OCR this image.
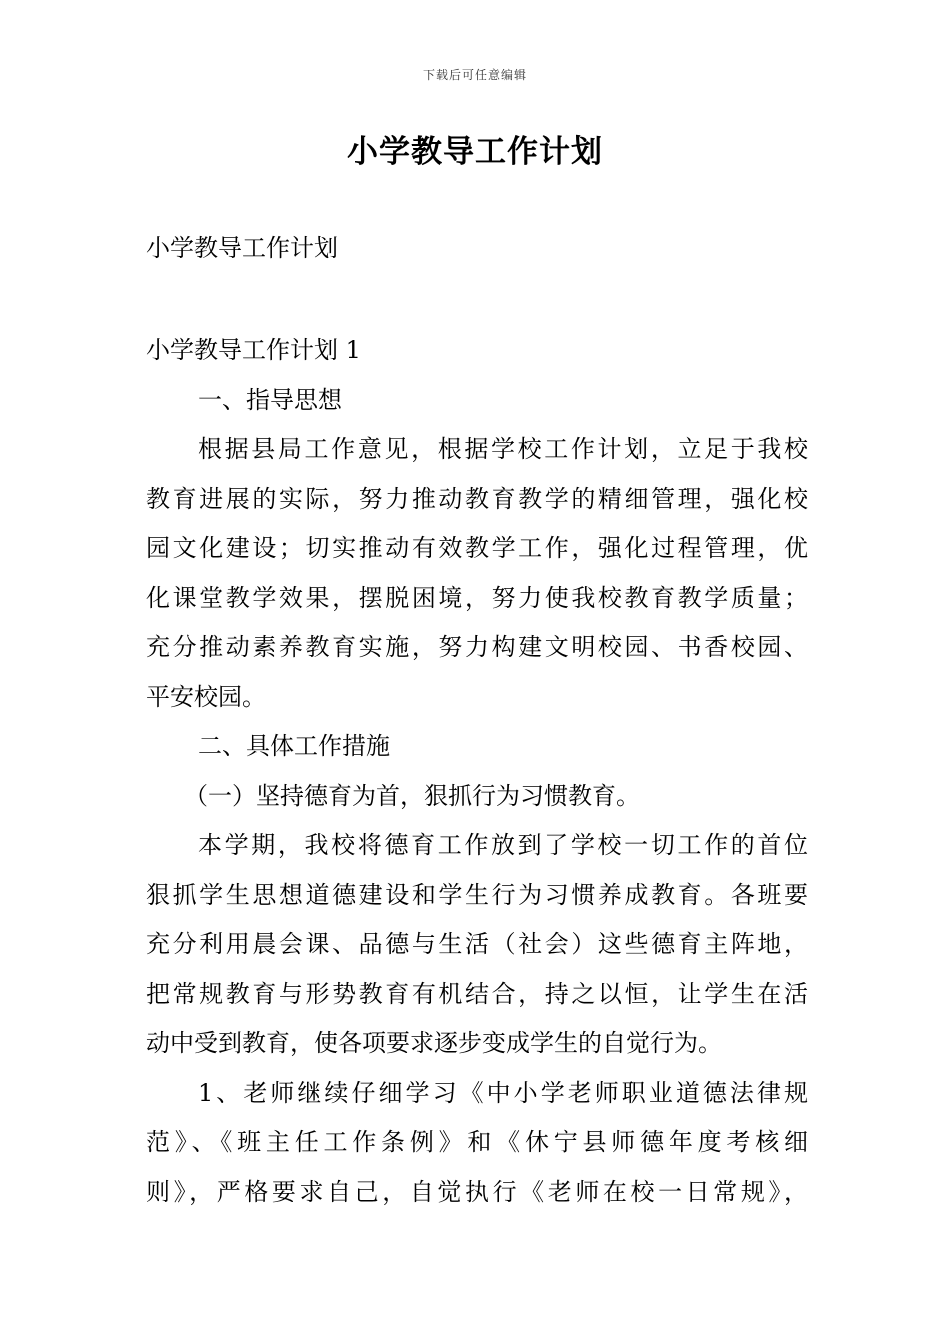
下载后可任意编辑
小学教导工作计划
小学教导工作计划
小学教导工作计划 1
一、指导思想
根据县局工作意见，根据学校工作计划，立足于我校
教育进展的实际，努力推动教育教学的精细管理，强化校
园文化建设；切实推动有效教学工作，强化过程管理，优
化课堂教学效果，摆脱困境，努力使我校教育教学质量；
充分推动素养教育实施，努力构建文明校园、书香校园、
平安校园。
二、具体工作措施
（一）坚持德育为首，狠抓行为习惯教育。
本学期，我校将德育工作放到了学校一切工作的首位
狠抓学生思想道德建设和学生行为习惯养成教育。各班要
充分利用晨会课、品德与生活（社会）这些德育主阵地，
把常规教育与形势教育有机结合，持之以恒，让学生在活
动中受到教育，使各项要求逐步变成学生的自觉行为。
1、老师继续仔细学习《中小学老师职业道德法律规
范》、《班主任工作条例》和《休宁县师德年度考核细
则》，严格要求自己，自觉执行《老师在校一日常规》，
